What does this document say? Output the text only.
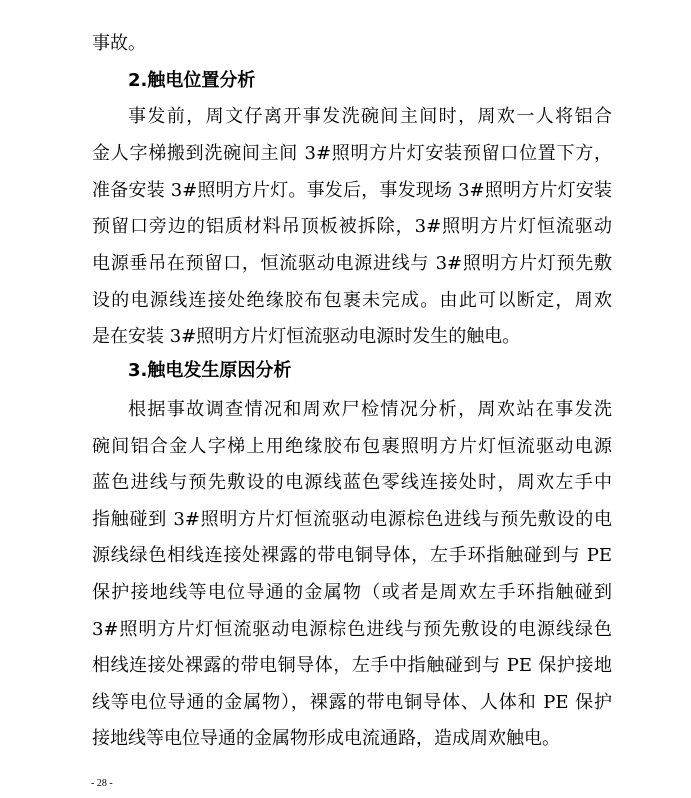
事故。
2.触电位置分析
事发前，周文仔离开事发洗碗间主间时，周欢一人将铝合
金人字梯搬到洗碗间主间 3#照明方片灯安装预留口位置下方，
准备安装 3#照明方片灯。事发后，事发现场 3#照明方片灯安装
预留口旁边的铝质材料吊顶板被拆除，3#照明方片灯恒流驱动
电源垂吊在预留口，恒流驱动电源进线与 3#照明方片灯预先敷
设的电源线连接处绝缘胶布包裹未完成。由此可以断定，周欢
是在安装 3#照明方片灯恒流驱动电源时发生的触电。
3.触电发生原因分析
根据事故调查情况和周欢尸检情况分析，周欢站在事发洗
碗间铝合金人字梯上用绝缘胶布包裹照明方片灯恒流驱动电源
蓝色进线与预先敷设的电源线蓝色零线连接处时，周欢左手中
指触碰到 3#照明方片灯恒流驱动电源棕色进线与预先敷设的电
源线绿色相线连接处裸露的带电铜导体，左手环指触碰到与 PE
保护接地线等电位导通的金属物（或者是周欢左手环指触碰到
3#照明方片灯恒流驱动电源棕色进线与预先敷设的电源线绿色
相线连接处裸露的带电铜导体，左手中指触碰到与 PE 保护接地
线等电位导通的金属物），裸露的带电铜导体、人体和 PE 保护
接地线等电位导通的金属物形成电流通路，造成周欢触电。
- 28 -
